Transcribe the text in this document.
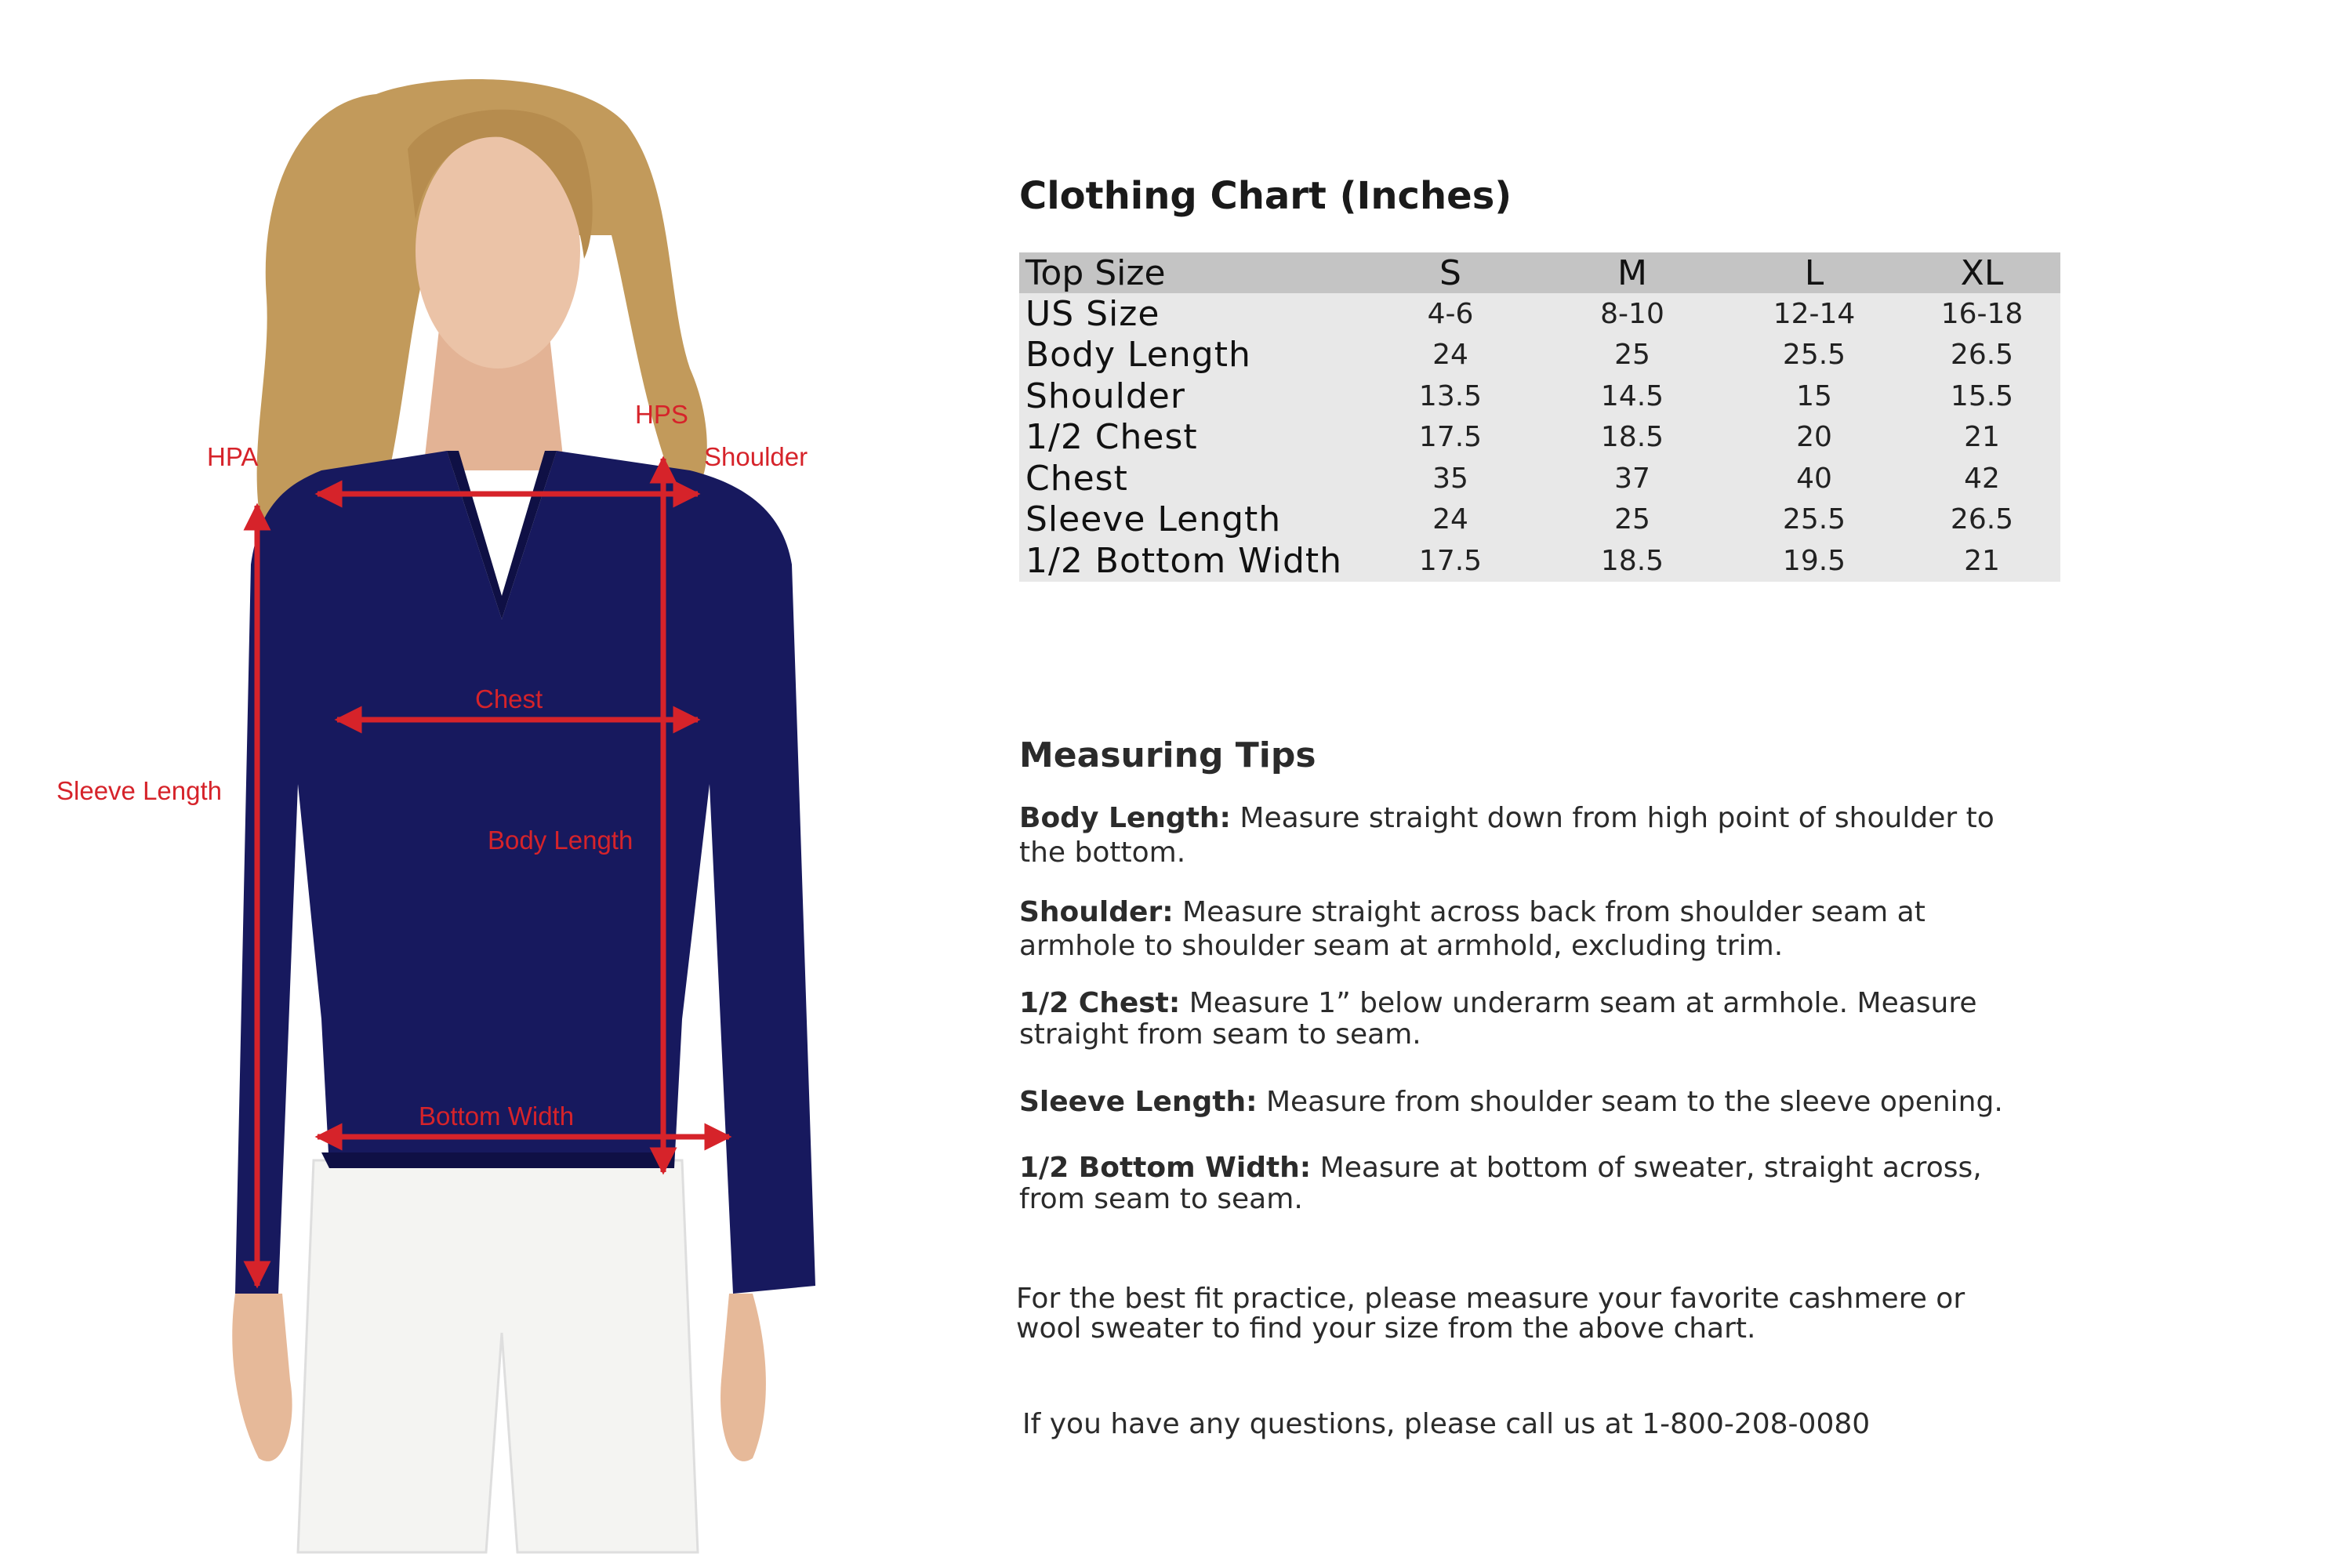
HPA
HPS
Shoulder
Chest
Sleeve Length
Body Length
Bottom Width
Clothing Chart (Inches)
Top Size	S	M	L	XL
US Size	4-6	8-10	12-14	16-18
Body Length	24	25	25.5	26.5
Shoulder	13.5	14.5	15	15.5
1/2 Chest	17.5	18.5	20	21
Chest	35	37	40	42
Sleeve Length	24	25	25.5	26.5
1/2 Bottom Width	17.5	18.5	19.5	21
Measuring Tips
Body Length: Measure straight down from high point of shoulder to the bottom.
Shoulder: Measure straight across back from shoulder seam at armhole to shoulder seam at armhold, excluding trim.
1/2 Chest: Measure 1” below underarm seam at armhole. Measure straight from seam to seam.
Sleeve Length: Measure from shoulder seam to the sleeve opening.
1/2 Bottom Width: Measure at bottom of sweater, straight across, from seam to seam.
For the best fit practice, please measure your favorite cashmere or wool sweater to find your size from the above chart.
If you have any questions, please call us at 1-800-208-0080
